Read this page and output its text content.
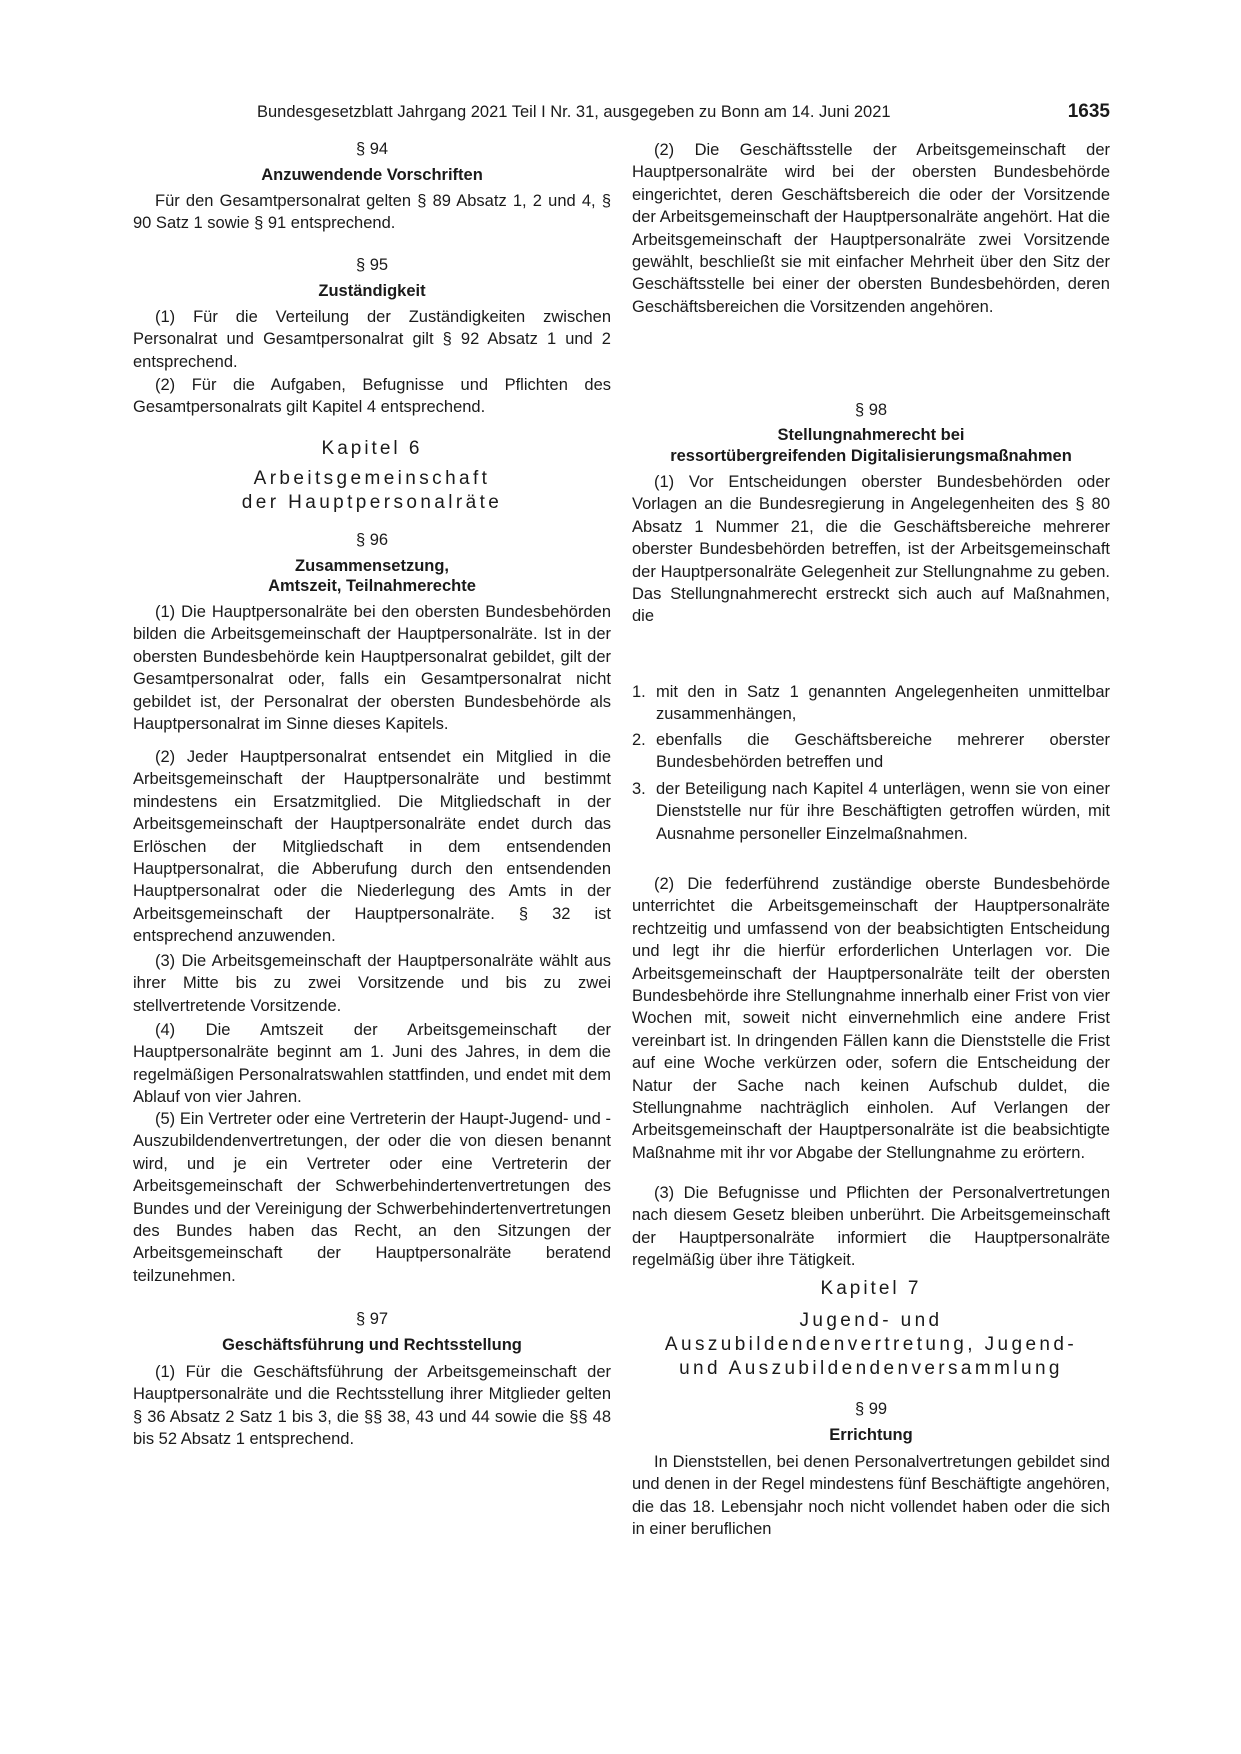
Bundesgesetzblatt Jahrgang 2021 Teil I Nr. 31, ausgegeben zu Bonn am 14. Juni 2021	1635
§ 94
Anzuwendende Vorschriften

Für den Gesamtpersonalrat gelten § 89 Absatz 1, 2 und 4, § 90 Satz 1 sowie § 91 entsprechend.

§ 95
Zuständigkeit

(1) Für die Verteilung der Zuständigkeiten zwischen Personalrat und Gesamtpersonalrat gilt § 92 Absatz 1 und 2 entsprechend.

(2) Für die Aufgaben, Befugnisse und Pflichten des Gesamtpersonalrats gilt Kapitel 4 entsprechend.

Kapitel 6
Arbeitsgemeinschaft
der Hauptpersonalräte
§ 96
Zusammensetzung,
Amtszeit, Teilnahmerechte

(1) Die Hauptpersonalräte bei den obersten Bundesbehörden bilden die Arbeitsgemeinschaft der Hauptpersonalräte. Ist in der obersten Bundesbehörde kein Hauptpersonalrat gebildet, gilt der Gesamtpersonalrat oder, falls ein Gesamtpersonalrat nicht gebildet ist, der Personalrat der obersten Bundesbehörde als Hauptpersonalrat im Sinne dieses Kapitels.

(2) Jeder Hauptpersonalrat entsendet ein Mitglied in die Arbeitsgemeinschaft der Hauptpersonalräte und bestimmt mindestens ein Ersatzmitglied. Die Mitgliedschaft in der Arbeitsgemeinschaft der Hauptpersonalräte endet durch das Erlöschen der Mitgliedschaft in dem entsendenden Hauptpersonalrat, die Abberufung durch den entsendenden Hauptpersonalrat oder die Niederlegung des Amts in der Arbeitsgemeinschaft der Hauptpersonalräte. § 32 ist entsprechend anzuwenden.

(3) Die Arbeitsgemeinschaft der Hauptpersonalräte wählt aus ihrer Mitte bis zu zwei Vorsitzende und bis zu zwei stellvertretende Vorsitzende.

(4) Die Amtszeit der Arbeitsgemeinschaft der Hauptpersonalräte beginnt am 1. Juni des Jahres, in dem die regelmäßigen Personalratswahlen stattfinden, und endet mit dem Ablauf von vier Jahren.

(5) Ein Vertreter oder eine Vertreterin der Haupt-Jugend- und -Auszubildendenvertretungen, der oder die von diesen benannt wird, und je ein Vertreter oder eine Vertreterin der Arbeitsgemeinschaft der Schwerbehindertenvertretungen des Bundes und der Vereinigung der Schwerbehindertenvertretungen des Bundes haben das Recht, an den Sitzungen der Arbeitsgemeinschaft der Hauptpersonalräte beratend teilzunehmen.

§ 97
Geschäftsführung und Rechtsstellung

(1) Für die Geschäftsführung der Arbeitsgemeinschaft der Hauptpersonalräte und die Rechtsstellung ihrer Mitglieder gelten § 36 Absatz 2 Satz 1 bis 3, die §§ 38, 43 und 44 sowie die §§ 48 bis 52 Absatz 1 entsprechend.

(2) Die Geschäftsstelle der Arbeitsgemeinschaft der Hauptpersonalräte wird bei der obersten Bundesbehörde eingerichtet, deren Geschäftsbereich die oder der Vorsitzende der Arbeitsgemeinschaft der Hauptpersonalräte angehört. Hat die Arbeitsgemeinschaft der Hauptpersonalräte zwei Vorsitzende gewählt, beschließt sie mit einfacher Mehrheit über den Sitz der Geschäftsstelle bei einer der obersten Bundesbehörden, deren Geschäftsbereichen die Vorsitzenden angehören.

§ 98
Stellungnahmerecht bei
ressortübergreifenden Digitalisierungsmaßnahmen

(1) Vor Entscheidungen oberster Bundesbehörden oder Vorlagen an die Bundesregierung in Angelegenheiten des § 80 Absatz 1 Nummer 21, die die Geschäftsbereiche mehrerer oberster Bundesbehörden betreffen, ist der Arbeitsgemeinschaft der Hauptpersonalräte Gelegenheit zur Stellungnahme zu geben. Das Stellungnahmerecht erstreckt sich auch auf Maßnahmen, die

1. mit den in Satz 1 genannten Angelegenheiten unmittelbar zusammenhängen,

2. ebenfalls die Geschäftsbereiche mehrerer oberster Bundesbehörden betreffen und

3. der Beteiligung nach Kapitel 4 unterlägen, wenn sie von einer Dienststelle nur für ihre Beschäftigten getroffen würden, mit Ausnahme personeller Einzelmaßnahmen.

(2) Die federführend zuständige oberste Bundesbehörde unterrichtet die Arbeitsgemeinschaft der Hauptpersonalräte rechtzeitig und umfassend von der beabsichtigten Entscheidung und legt ihr die hierfür erforderlichen Unterlagen vor. Die Arbeitsgemeinschaft der Hauptpersonalräte teilt der obersten Bundesbehörde ihre Stellungnahme innerhalb einer Frist von vier Wochen mit, soweit nicht einvernehmlich eine andere Frist vereinbart ist. In dringenden Fällen kann die Dienststelle die Frist auf eine Woche verkürzen oder, sofern die Entscheidung der Natur der Sache nach keinen Aufschub duldet, die Stellungnahme nachträglich einholen. Auf Verlangen der Arbeitsgemeinschaft der Hauptpersonalräte ist die beabsichtigte Maßnahme mit ihr vor Abgabe der Stellungnahme zu erörtern.

(3) Die Befugnisse und Pflichten der Personalvertretungen nach diesem Gesetz bleiben unberührt. Die Arbeitsgemeinschaft der Hauptpersonalräte informiert die Hauptpersonalräte regelmäßig über ihre Tätigkeit.

Kapitel 7
Jugend- und
Auszubildendenvertretung, Jugend-
und Auszubildendenversammlung
§ 99
Errichtung

In Dienststellen, bei denen Personalvertretungen gebildet sind und denen in der Regel mindestens fünf Beschäftigte angehören, die das 18. Lebensjahr noch nicht vollendet haben oder die sich in einer beruflichen
